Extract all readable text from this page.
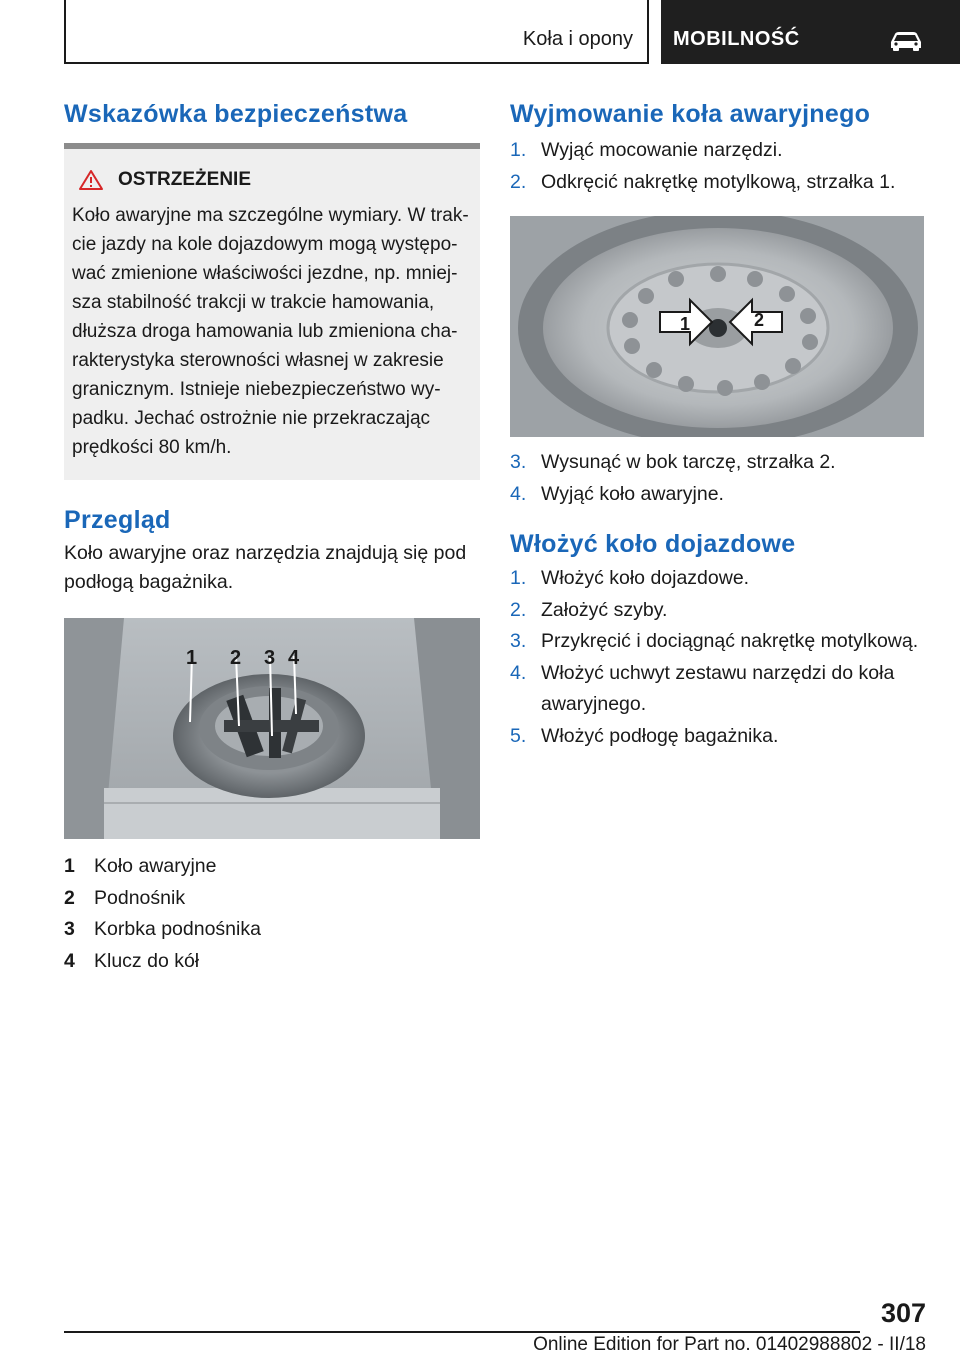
Koła i opony MOBILNOŚĆ
Wskazówka bezpieczeństwa
OSTRZEŻENIE

Koło awaryjne ma szczególne wymiary. W trak-
cie jazdy na kole dojazdowym mogą występo-
wać zmienione właściwości jezdne, np. mniej-
sza stabilność trakcji w trakcie hamowania,
dłuższa droga hamowania lub zmieniona cha-
rakterystyka sterowności własnej w zakresie
granicznym. Istnieje niebezpieczeństwo wy-
padku. Jechać ostrożnie nie przekraczając
prędkości 80 km/h.

Przegląd

Koło awaryjne oraz narzędzia znajdują się pod
podłogą bagażnika.

1 2 3 4
1 Koło awaryjne
2 Podnośnik
3 Korbka podnośnika
4 Klucz do kół
Wyjmowanie koła awaryjnego
1. Wyjąć mocowanie narzędzi.
2. Odkręcić nakrętkę motylkową, strzałka 1.
1	2
3. Wysunąć w bok tarczę, strzałka 2.
4. Wyjąć koło awaryjne.
Włożyć koło dojazdowe
1. Włożyć koło dojazdowe.
2. Założyć szyby.
3. Przykręcić i dociągnąć nakrętkę motylkową.
4. Włożyć uchwyt zestawu narzędzi do koła
awaryjnego.
5. Włożyć podłogę bagażnika.
307
Online Edition for Part no. 01402988802 - II/18
